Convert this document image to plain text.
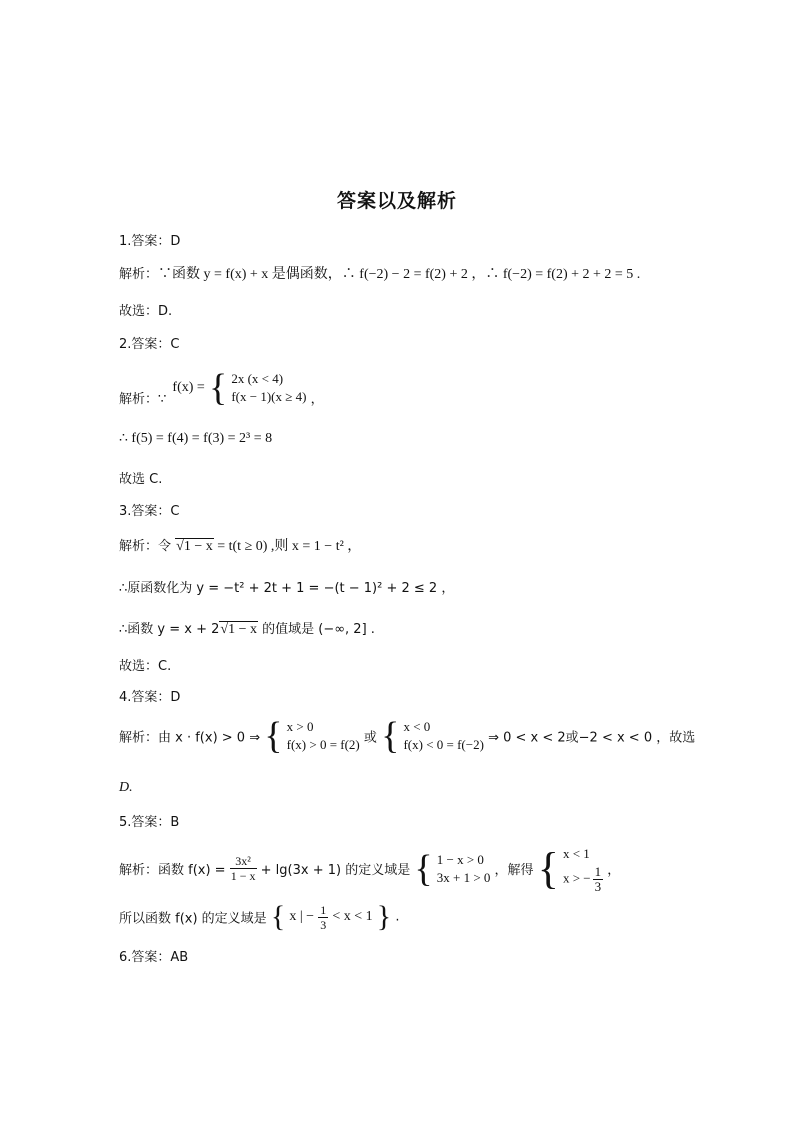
答案以及解析
1.答案：D
解析：∵函数 y = f(x) + x 是偶函数，∴ f(−2) − 2 = f(2) + 2 ，∴ f(−2) = f(2) + 2 + 2 = 5 .
故选：D.
2.答案：C
解析：∵ f(x) = { 2x (x < 4)
f(x − 1)(x ≥ 4) ，
∴ f(5) = f(4) = f(3) = 2³ = 8
故选 C.
3.答案：C
解析：令 √1 − x = t(t ≥ 0) ,则 x = 1 − t² ，
∴原函数化为 y = −t² + 2t + 1 = −(t − 1)² + 2 ≤ 2 ，
∴函数 y = x + 2√1 − x 的值域是 (−∞, 2] .
故选：C.
4.答案：D
解析：由 x · f(x) > 0 ⇒ { x > 0
f(x) > 0 = f(2) 或 { x < 0
f(x) < 0 = f(−2) ⇒ 0 < x < 2或−2 < x < 0 ，故选
D.
5.答案：B
解析：函数 $f(x) = \frac{\text{3x²}}{1 - x} + \lg(3x + 1)$ 的定义域是 { 1 − x > 0
3x + 1 > 0 ，解得 { x < 1
x > − $\frac{1}{3}$ ，
所以函数 f(x) 的定义域是 { x | − $\frac{1}{3} < x < 1$ } .
6.答案：AB
